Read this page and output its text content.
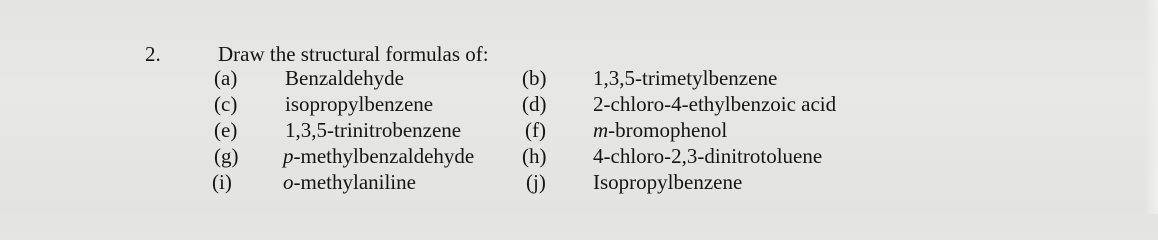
2.	Draw the structural formulas of:
(a) Benzaldehyde	(b) 1,3,5-trimetylbenzene
(c) isopropylbenzene	(d) 2-chloro-4-ethylbenzoic acid
(e) 1,3,5-trinitrobenzene	(f) m-bromophenol
(g) p-methylbenzaldehyde (h) 4-chloro-2,3-dinitrotoluene
(i) o-methylaniline	(j) Isopropylbenzene
